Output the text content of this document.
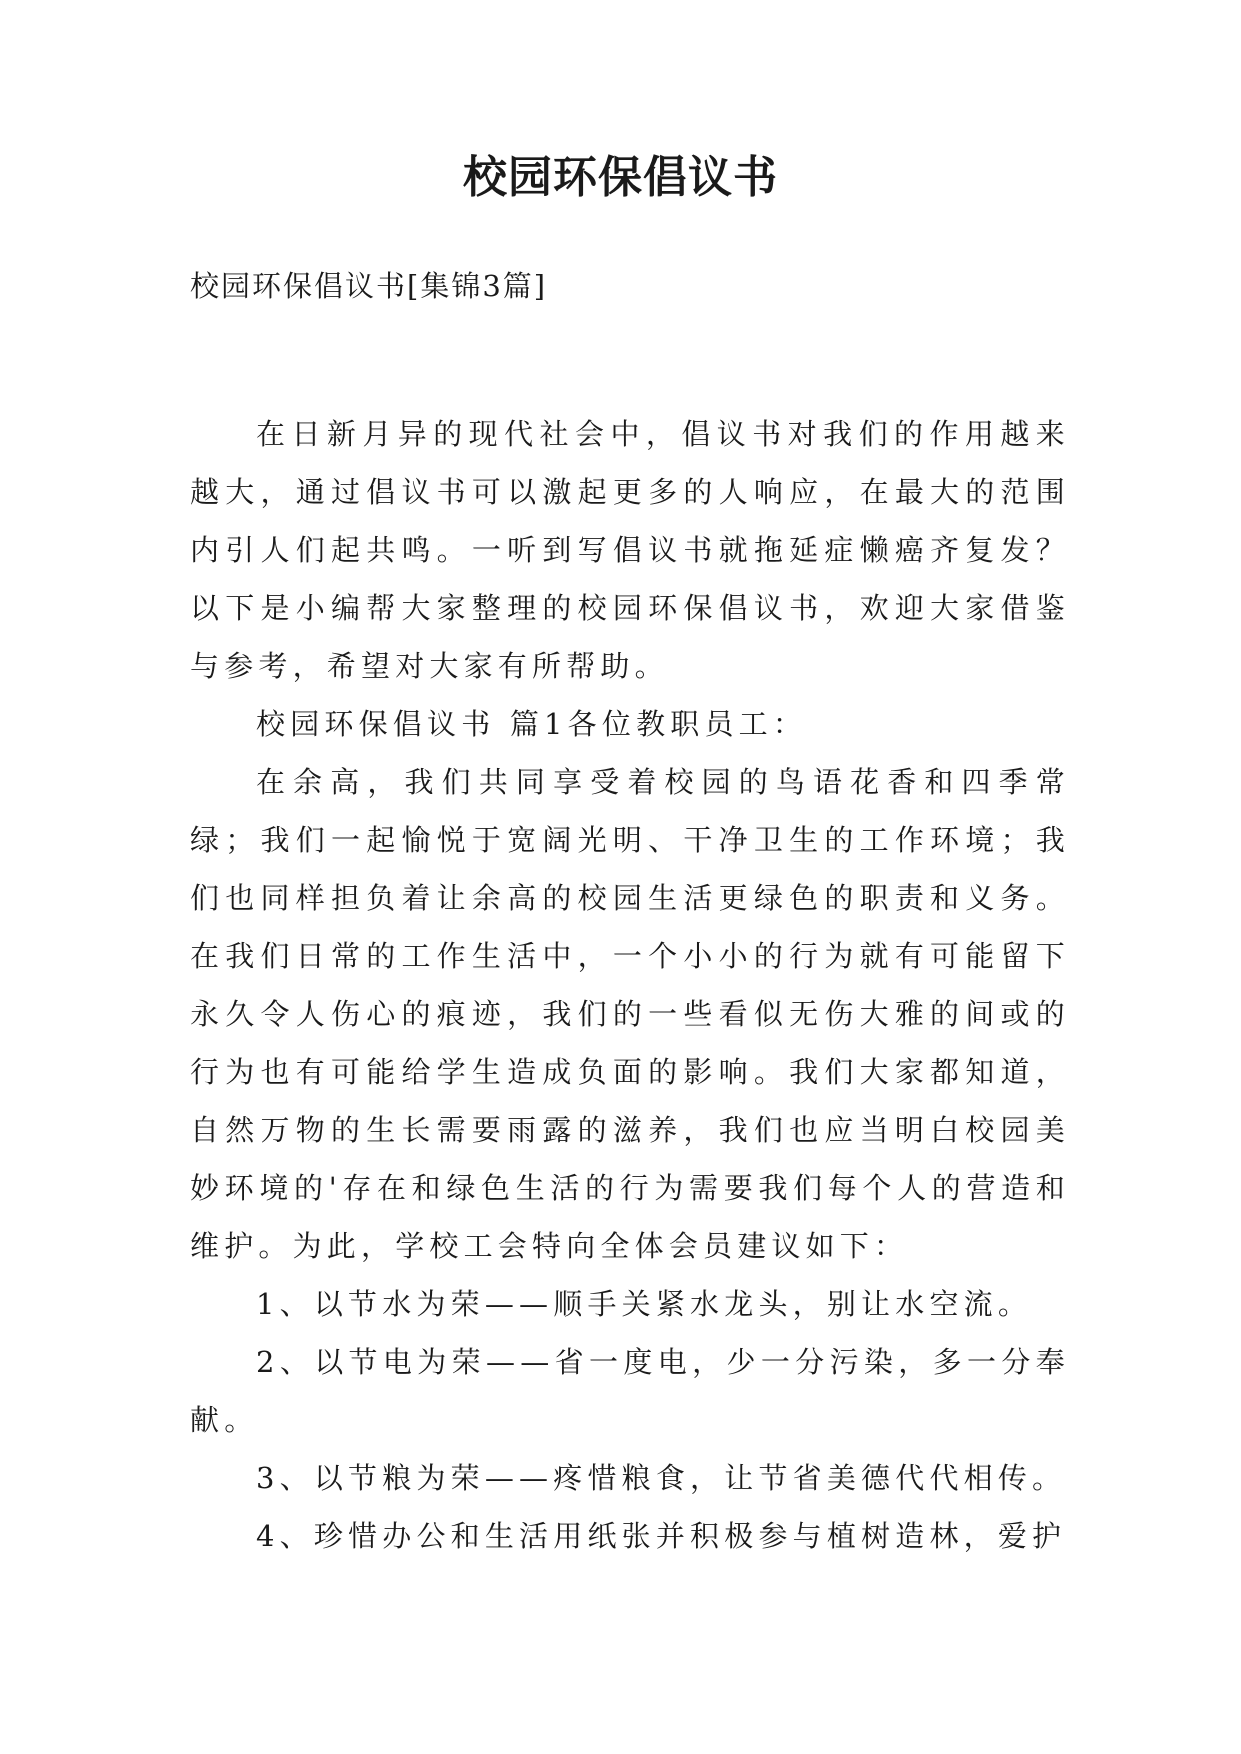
校园环保倡议书

校园环保倡议书[集锦3篇]

在日新月异的现代社会中，倡议书对我们的作用越来越大，通过倡议书可以激起更多的人响应，在最大的范围内引人们起共鸣。一听到写倡议书就拖延症懒癌齐复发？以下是小编帮大家整理的校园环保倡议书，欢迎大家借鉴与参考，希望对大家有所帮助。

校园环保倡议书 篇1各位教职员工：

在余高，我们共同享受着校园的鸟语花香和四季常绿；我们一起愉悦于宽阔光明、干净卫生的工作环境；我们也同样担负着让余高的校园生活更绿色的职责和义务。在我们日常的工作生活中，一个小小的行为就有可能留下永久令人伤心的痕迹，我们的一些看似无伤大雅的间或的行为也有可能给学生造成负面的影响。我们大家都知道，自然万物的生长需要雨露的滋养，我们也应当明白校园美妙环境的'存在和绿色生活的行为需要我们每个人的营造和维护。为此，学校工会特向全体会员建议如下：

1、以节水为荣——顺手关紧水龙头，别让水空流。

2、以节电为荣——省一度电，少一分污染，多一分奉献。

3、以节粮为荣——疼惜粮食，让节省美德代代相传。

4、珍惜办公和生活用纸张并积极参与植树造林，爱护
